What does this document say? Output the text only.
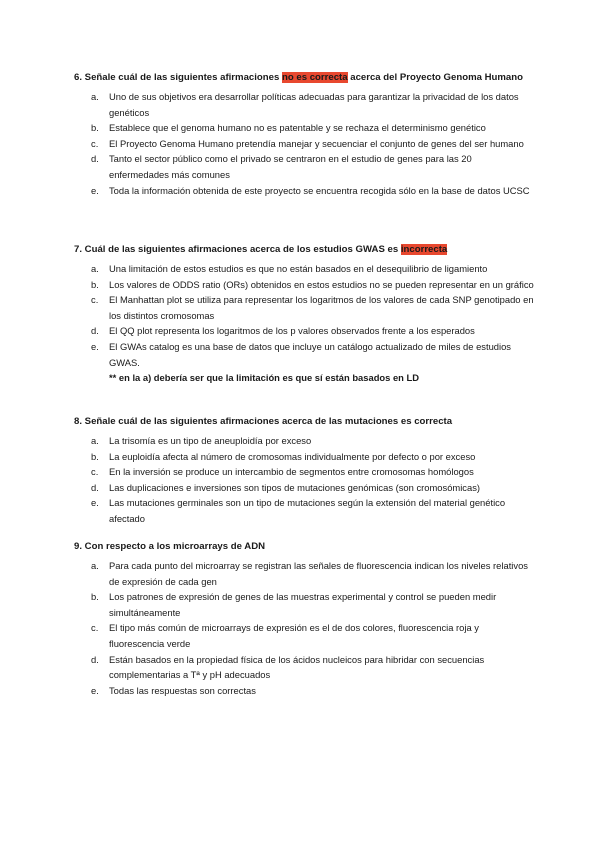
6. Señale cuál de las siguientes afirmaciones no es correcta acerca del Proyecto Genoma Humano

a. Uno de sus objetivos era desarrollar políticas adecuadas para garantizar la privacidad de los datos genéticos
b. Establece que el genoma humano no es patentable y se rechaza el determinismo genético
c. El Proyecto Genoma Humano pretendía manejar y secuenciar el conjunto de genes del ser humano
d. Tanto el sector público como el privado se centraron en el estudio de genes para las 20 enfermedades más comunes
e. Toda la información obtenida de este proyecto se encuentra recogida sólo en la base de datos UCSC

7. Cuál de las siguientes afirmaciones acerca de los estudios GWAS es incorrecta

a. Una limitación de estos estudios es que no están basados en el desequilibrio de ligamiento
b. Los valores de ODDS ratio (ORs) obtenidos en estos estudios no se pueden representar en un gráfico
c. El Manhattan plot se utiliza para representar los logaritmos de los valores de cada SNP genotipado en los distintos cromosomas
d. El QQ plot representa los logaritmos de los p valores observados frente a los esperados
e. El GWAs catalog es una base de datos que incluye un catálogo actualizado de miles de estudios GWAS.

** en la a) debería ser que la limitación es que sí están basados en LD

8. Señale cuál de las siguientes afirmaciones acerca de las mutaciones es correcta

a. La trisomía es un tipo de aneuploidía por exceso
b. La euploidía afecta al número de cromosomas individualmente por defecto o por exceso
c. En la inversión se produce un intercambio de segmentos entre cromosomas homólogos
d. Las duplicaciones e inversiones son tipos de mutaciones genómicas (son cromosómicas)
e. Las mutaciones germinales son un tipo de mutaciones según la extensión del material genético afectado

9. Con respecto a los microarrays de ADN

a. Para cada punto del microarray se registran las señales de fluorescencia indican los niveles relativos de expresión de cada gen
b. Los patrones de expresión de genes de las muestras experimental y control se pueden medir simultáneamente
c. El tipo más común de microarrays de expresión es el de dos colores, fluorescencia roja y fluorescencia verde
d. Están basados en la propiedad física de los ácidos nucleicos para hibridar con secuencias complementarias a Tª y pH adecuados
e. Todas las respuestas son correctas
